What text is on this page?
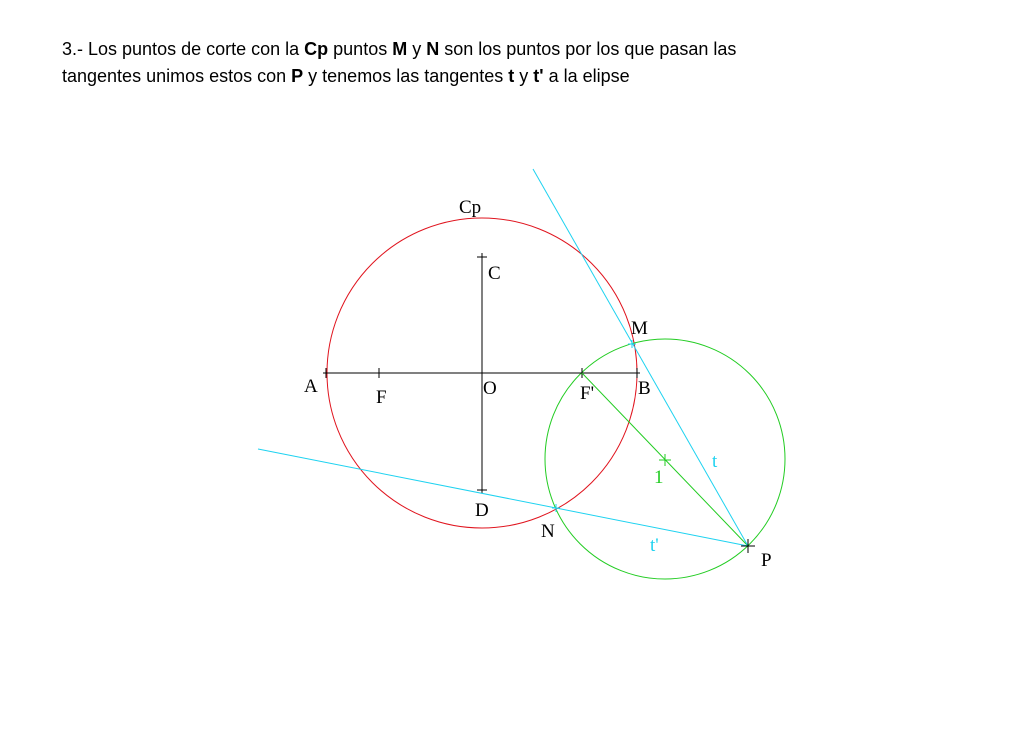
3.- Los puntos de corte con la Cp puntos M y N son los puntos por los que pasan las
tangentes unimos estos con P y tenemos las tangentes t y t' a la elipse
Cp
C
A
F	O	F' B
D
M
N
P
1
t
t'
